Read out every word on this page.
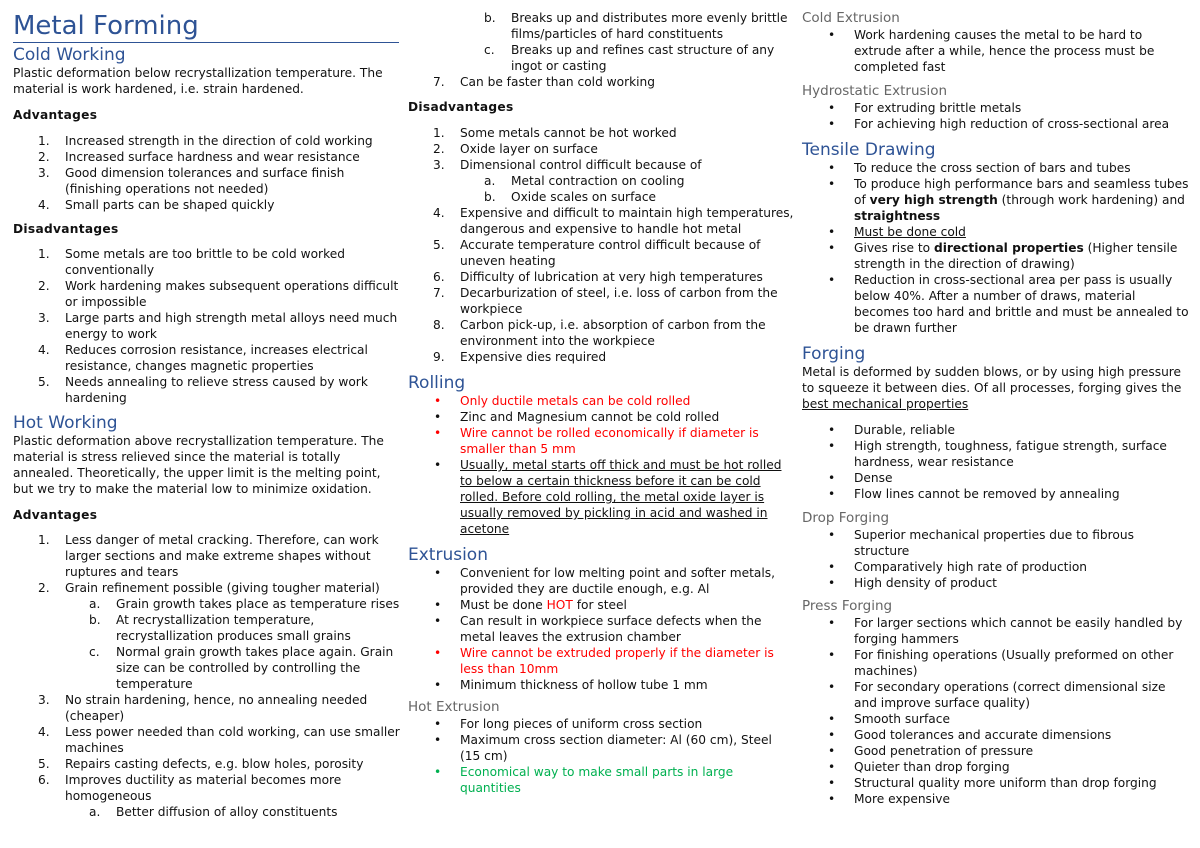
Metal Forming
Cold Working

Plastic deformation below recrystallization temperature. The material is work hardened, i.e. strain hardened.

Advantages

1.	Increased strength in the direction of cold working
2.	Increased surface hardness and wear resistance
3.	Good dimension tolerances and surface finish (finishing operations not needed)
4.	Small parts can be shaped quickly

Disadvantages

1.	Some metals are too brittle to be cold worked conventionally
2.	Work hardening makes subsequent operations difficult or impossible
3.	Large parts and high strength metal alloys need much energy to work
4.	Reduces corrosion resistance, increases electrical resistance, changes magnetic properties
5.	Needs annealing to relieve stress caused by work hardening
Hot Working

Plastic deformation above recrystallization temperature. The material is stress relieved since the material is totally annealed. Theoretically, the upper limit is the melting point, but we try to make the material low to minimize oxidation.

Advantages

1.	Less danger of metal cracking. Therefore, can work larger sections and make extreme shapes without ruptures and tears
2.	Grain refinement possible (giving tougher material)
a.	Grain growth takes place as temperature rises
b.	At recrystallization temperature, recrystallization produces small grains
c.	Normal grain growth takes place again. Grain size can be controlled by controlling the temperature
3.	No strain hardening, hence, no annealing needed (cheaper)
4.	Less power needed than cold working, can use smaller machines
5.	Repairs casting defects, e.g. blow holes, porosity
6.	Improves ductility as material becomes more homogeneous
a.	Better diffusion of alloy constituents
b.	Breaks up and distributes more evenly brittle films/particles of hard constituents
c.	Breaks up and refines cast structure of any ingot or casting
7.	Can be faster than cold working

Disadvantages

1.	Some metals cannot be hot worked
2.	Oxide layer on surface
3.	Dimensional control difficult because of
a.	Metal contraction on cooling
b.	Oxide scales on surface
4.	Expensive and difficult to maintain high temperatures, dangerous and expensive to handle hot metal
5.	Accurate temperature control difficult because of uneven heating
6.	Difficulty of lubrication at very high temperatures
7.	Decarburization of steel, i.e. loss of carbon from the workpiece
8.	Carbon pick-up, i.e. absorption of carbon from the environment into the workpiece
9.	Expensive dies required
Rolling
• Only ductile metals can be cold rolled
• Zinc and Magnesium cannot be cold rolled
• Wire cannot be rolled economically if diameter is smaller than 5 mm
• Usually, metal starts off thick and must be hot rolled to below a certain thickness before it can be cold rolled. Before cold rolling, the metal oxide layer is usually removed by pickling in acid and washed in acetone
Extrusion
• Convenient for low melting point and softer metals, provided they are ductile enough, e.g. Al
• Must be done HOT for steel
• Can result in workpiece surface defects when the metal leaves the extrusion chamber
• Wire cannot be extruded properly if the diameter is less than 10mm
• Minimum thickness of hollow tube 1 mm
Hot Extrusion
• For long pieces of uniform cross section
• Maximum cross section diameter: Al (60 cm), Steel (15 cm)
• Economical way to make small parts in large quantities
Cold Extrusion
• Work hardening causes the metal to be hard to extrude after a while, hence the process must be completed fast
Hydrostatic Extrusion
• For extruding brittle metals
• For achieving high reduction of cross-sectional area
Tensile Drawing
• To reduce the cross section of bars and tubes
• To produce high performance bars and seamless tubes of very high strength (through work hardening) and straightness
• Must be done cold
• Gives rise to directional properties (Higher tensile strength in the direction of drawing)
• Reduction in cross-sectional area per pass is usually below 40%. After a number of draws, material becomes too hard and brittle and must be annealed to be drawn further
Forging

Metal is deformed by sudden blows, or by using high pressure to squeeze it between dies. Of all processes, forging gives the best mechanical properties

• Durable, reliable
• High strength, toughness, fatigue strength, surface hardness, wear resistance
• Dense
• Flow lines cannot be removed by annealing
Drop Forging
• Superior mechanical properties due to fibrous structure
• Comparatively high rate of production
• High density of product
Press Forging
• For larger sections which cannot be easily handled by forging hammers
• For finishing operations (Usually preformed on other machines)
• For secondary operations (correct dimensional size and improve surface quality)
• Smooth surface
• Good tolerances and accurate dimensions
• Good penetration of pressure
• Quieter than drop forging
• Structural quality more uniform than drop forging
• More expensive
